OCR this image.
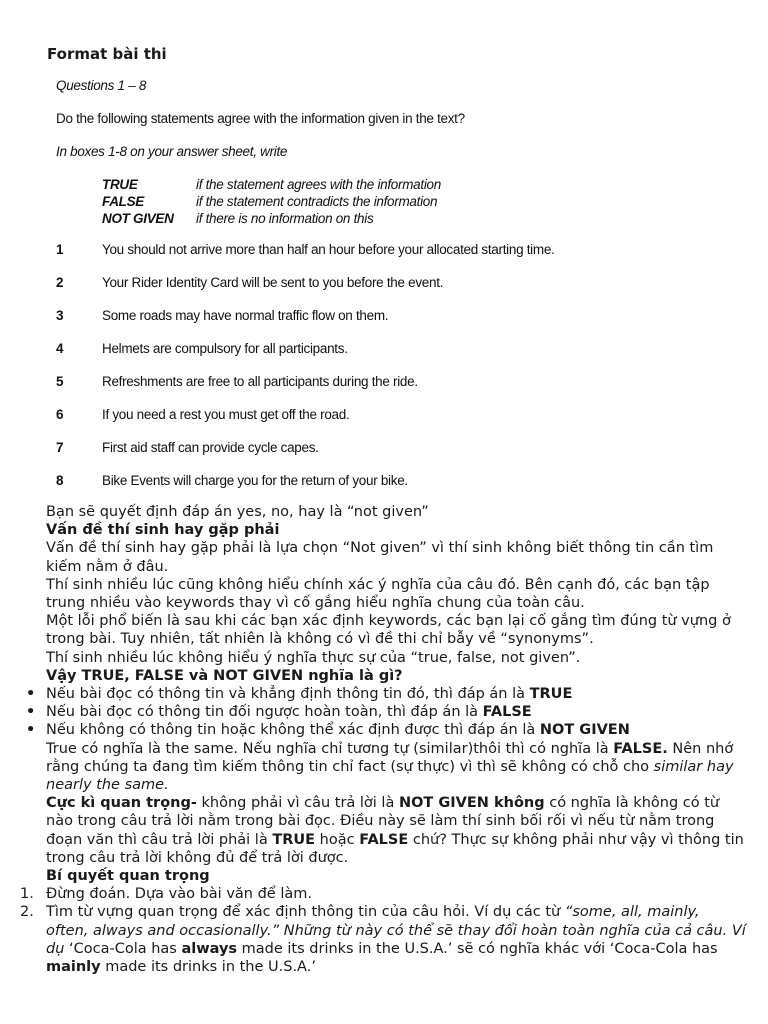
Format bài thi
Questions 1 – 8
Do the following statements agree with the information given in the text?
In boxes 1-8 on your answer sheet, write
TRUE	if the statement agrees with the information
FALSE	if the statement contradicts the information
NOT GIVEN if there is no information on this
1	You should not arrive more than half an hour before your allocated starting time.
2	Your Rider Identity Card will be sent to you before the event.
3	Some roads may have normal traffic flow on them.
4	Helmets are compulsory for all participants.
5	Refreshments are free to all participants during the ride.
6	If you need a rest you must get off the road.
7	First aid staff can provide cycle capes.
8	Bike Events will charge you for the return of your bike.

Bạn sẽ quyết định đáp án yes, no, hay là “not given”

Vấn đề thí sinh hay gặp phải

Vấn đề thí sinh hay gặp phải là lựa chọn “Not given” vì thí sinh không biết thông tin cần tìm kiếm nằm ở đâu.

Thí sinh nhiều lúc cũng không hiểu chính xác ý nghĩa của câu đó. Bên cạnh đó, các bạn tập trung nhiều vào keywords thay vì cố gắng hiểu nghĩa chung của toàn câu.

Một lỗi phổ biến là sau khi các bạn xác định keywords, các bạn lại cố gắng tìm đúng từ vựng ở trong bài. Tuy nhiên, tất nhiên là không có vì đề thi chỉ bẫy về “synonyms”.

Thí sinh nhiều lúc không hiểu ý nghĩa thực sự của “true, false, not given”.

Vậy TRUE, FALSE và NOT GIVEN nghĩa là gì?

• Nếu bài đọc có thông tin và khẳng định thông tin đó, thì đáp án là TRUE
• Nếu bài đọc có thông tin đối ngược hoàn toàn, thì đáp án là FALSE
• Nếu không có thông tin hoặc không thể xác định được thì đáp án là NOT GIVEN

True có nghĩa là the same. Nếu nghĩa chỉ tương tự (similar)thôi thì có nghĩa là FALSE. Nên nhớ rằng chúng ta đang tìm kiếm thông tin chỉ fact (sự thực) vì thì sẽ không có chỗ cho similar hay nearly the same.

Cực kì quan trọng- không phải vì câu trả lời là NOT GIVEN không có nghĩa là không có từ nào trong câu trả lời nằm trong bài đọc. Điều này sẽ làm thí sinh bối rối vì nếu từ nằm trong đoạn văn thì câu trả lời phải là TRUE hoặc FALSE chứ? Thực sự không phải như vậy vì thông tin trong câu trả lời không đủ để trả lời được.

Bí quyết quan trọng

1. Đừng đoán. Dựa vào bài văn để làm.
2. Tìm từ vựng quan trọng để xác định thông tin của câu hỏi. Ví dụ các từ “some, all, mainly, often, always and occasionally.” Những từ này có thể sẽ thay đổi hoàn toàn nghĩa của cả câu. Ví dụ ‘Coca-Cola has always made its drinks in the U.S.A.’ sẽ có nghĩa khác với ‘Coca-Cola has mainly made its drinks in the U.S.A.’
